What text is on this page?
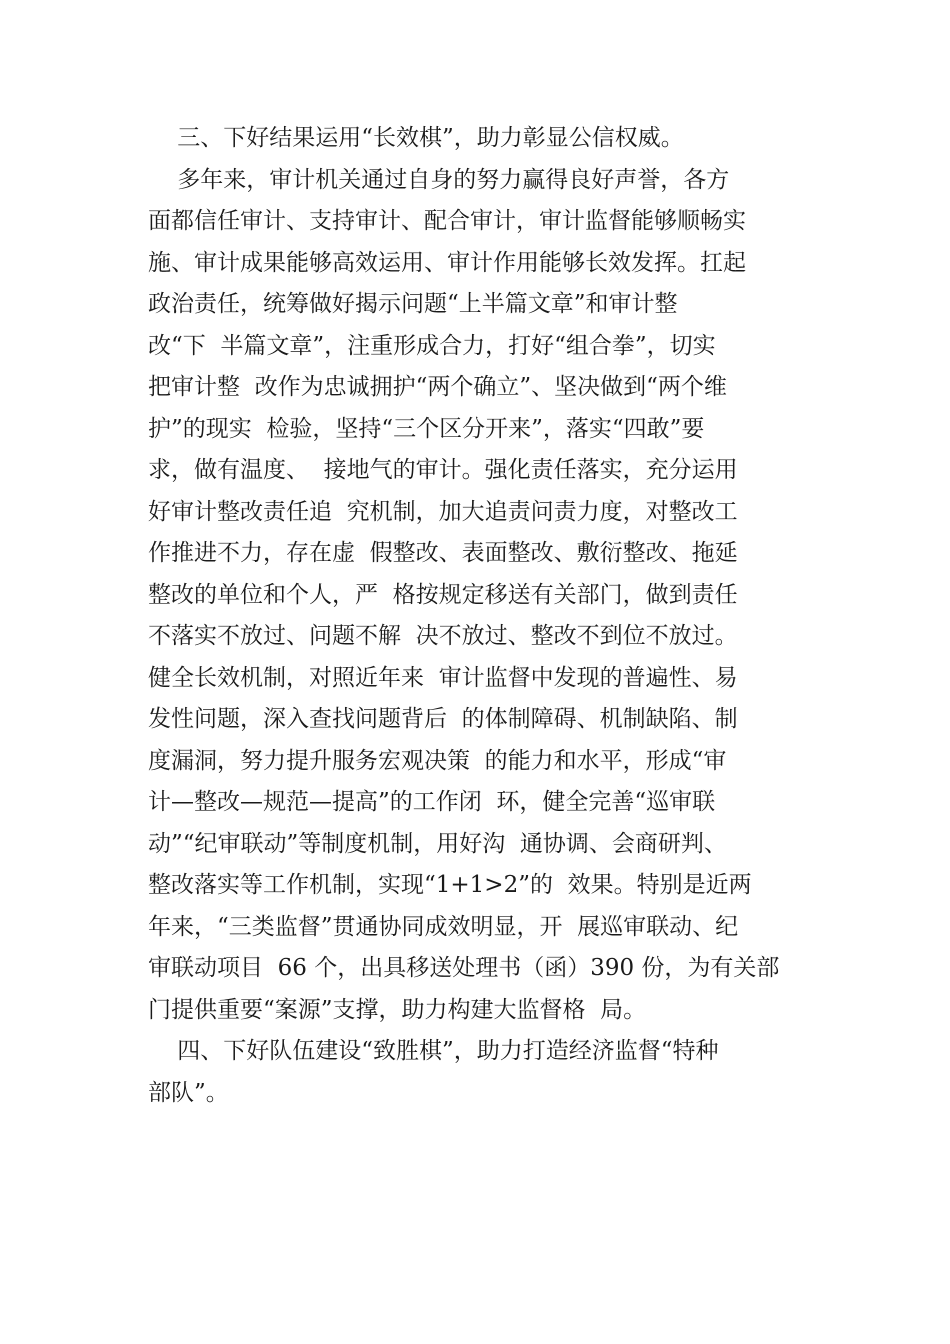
三、下好结果运用“长效棋”，助力彰显公信权威。
多年来，审计机关通过自身的努力赢得良好声誉，各方
面都信任审计、支持审计、配合审计，审计监督能够顺畅实
施、审计成果能够高效运用、审计作用能够长效发挥。扛起
政治责任，统筹做好揭示问题“上半篇文章”和审计整
改“下  半篇文章”，注重形成合力，打好“组合拳”，切实
把审计整  改作为忠诚拥护“两个确立”、坚决做到“两个维
护”的现实  检验，坚持“三个区分开来”，落实“四敢”要
求，做有温度、  接地气的审计。强化责任落实，充分运用
好审计整改责任追  究机制，加大追责问责力度，对整改工
作推进不力，存在虚  假整改、表面整改、敷衍整改、拖延
整改的单位和个人，严  格按规定移送有关部门，做到责任
不落实不放过、问题不解  决不放过、整改不到位不放过。
健全长效机制，对照近年来  审计监督中发现的普遍性、易
发性问题，深入查找问题背后  的体制障碍、机制缺陷、制
度漏洞，努力提升服务宏观决策  的能力和水平，形成“审
计—整改—规范—提高”的工作闭  环，健全完善“巡审联
动”“纪审联动”等制度机制，用好沟  通协调、会商研判、
整改落实等工作机制，实现“1+1>2”的  效果。特别是近两
年来，“三类监督”贯通协同成效明显，开  展巡审联动、纪
审联动项目  66 个，出具移送处理书（函）390 份，为有关部
门提供重要“案源”支撑，助力构建大监督格  局。
四、下好队伍建设“致胜棋”，助力打造经济监督“特种
部队”。
